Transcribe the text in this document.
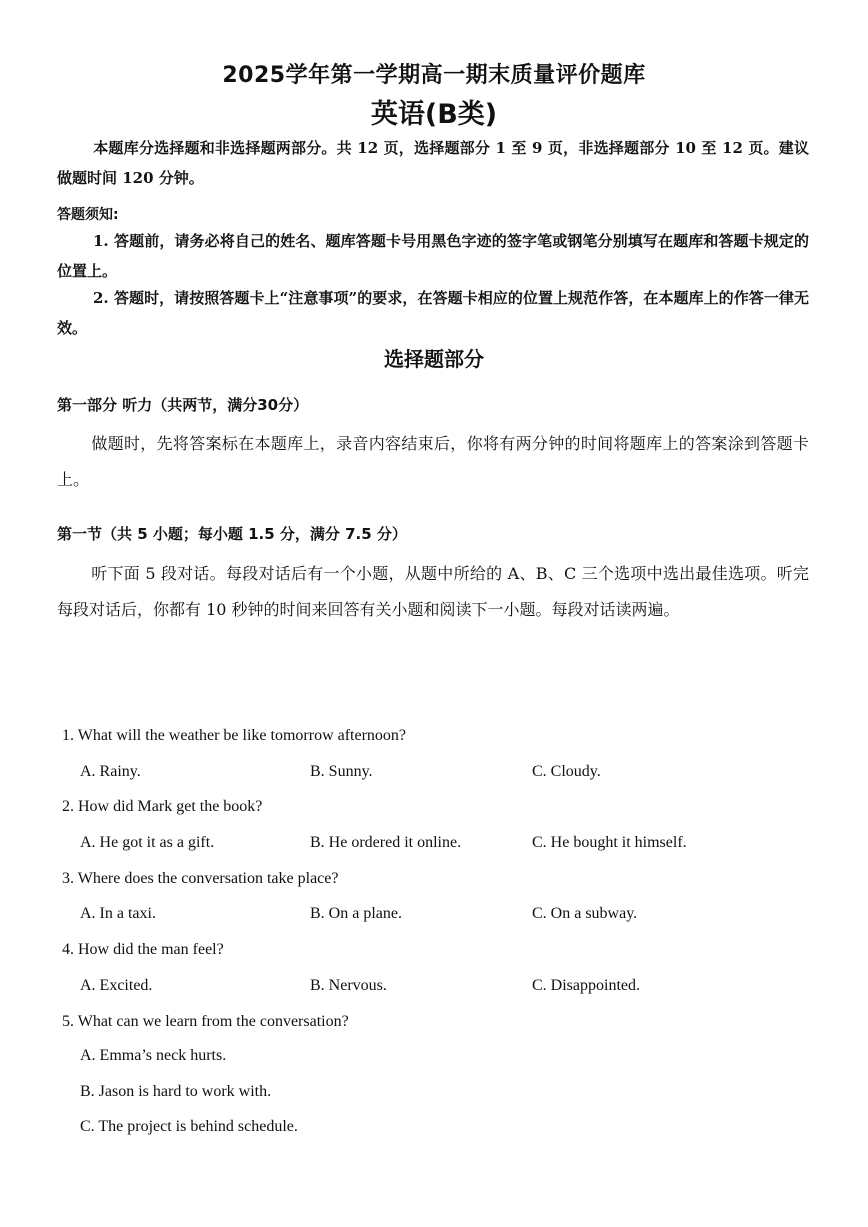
2025学年第一学期高一期末质量评价题库
英语(B类)
本题库分选择题和非选择题两部分。共 12 页，选择题部分 1 至 9 页，非选择题部分 10 至 12 页。建议做题时间 120 分钟。
答题须知:
1. 答题前，请务必将自己的姓名、题库答题卡号用黑色字迹的签字笔或钢笔分别填写在题库和答题卡规定的位置上。
2. 答题时，请按照答题卡上“注意事项”的要求，在答题卡相应的位置上规范作答，在本题库上的作答一律无效。
选择题部分
第一部分 听力（共两节，满分30分）
做题时，先将答案标在本题库上，录音内容结束后，你将有两分钟的时间将题库上的答案涂到答题卡上。
第一节（共 5 小题；每小题 1.5 分，满分 7.5 分）
听下面 5 段对话。每段对话后有一个小题，从题中所给的 A、B、C 三个选项中选出最佳选项。听完每段对话后，你都有 10 秒钟的时间来回答有关小题和阅读下一小题。每段对话读两遍。
1. What will the weather be like tomorrow afternoon?
A. Rainy.	B. Sunny.	C. Cloudy.
2. How did Mark get the book?
A. He got it as a gift.	B. He ordered it online.	C. He bought it himself.
3. Where does the conversation take place?
A. In a taxi.	B. On a plane.	C. On a subway.
4. How did the man feel?
A. Excited.	B. Nervous.	C. Disappointed.
5. What can we learn from the conversation?
A. Emma’s neck hurts.
B. Jason is hard to work with.
C. The project is behind schedule.
